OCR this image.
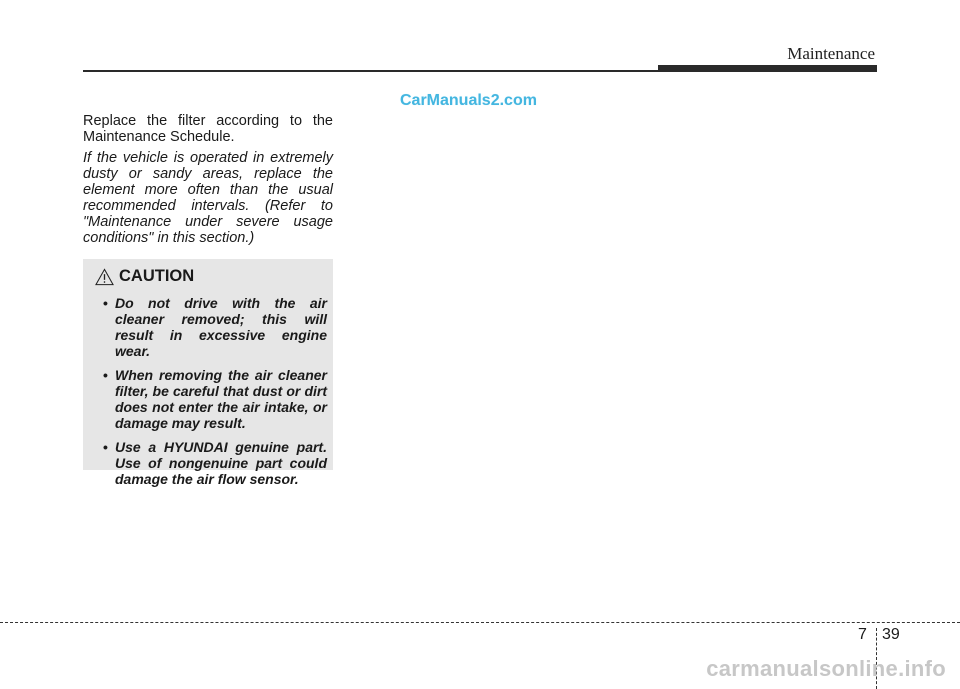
Maintenance
CarManuals2.com
Replace the filter according to the Maintenance Schedule.
If the vehicle is operated in extremely dusty or sandy areas, replace the element more often than the usual recommended intervals. (Refer to "Maintenance under severe usage conditions" in this section.)
CAUTION
• Do not drive with the air cleaner removed; this will result in excessive engine wear.
• When removing the air cleaner filter, be careful that dust or dirt does not enter the air intake, or damage may result.
• Use a HYUNDAI genuine part. Use of nongenuine part could damage the air flow sensor.
7 39
carmanualsonline.info
